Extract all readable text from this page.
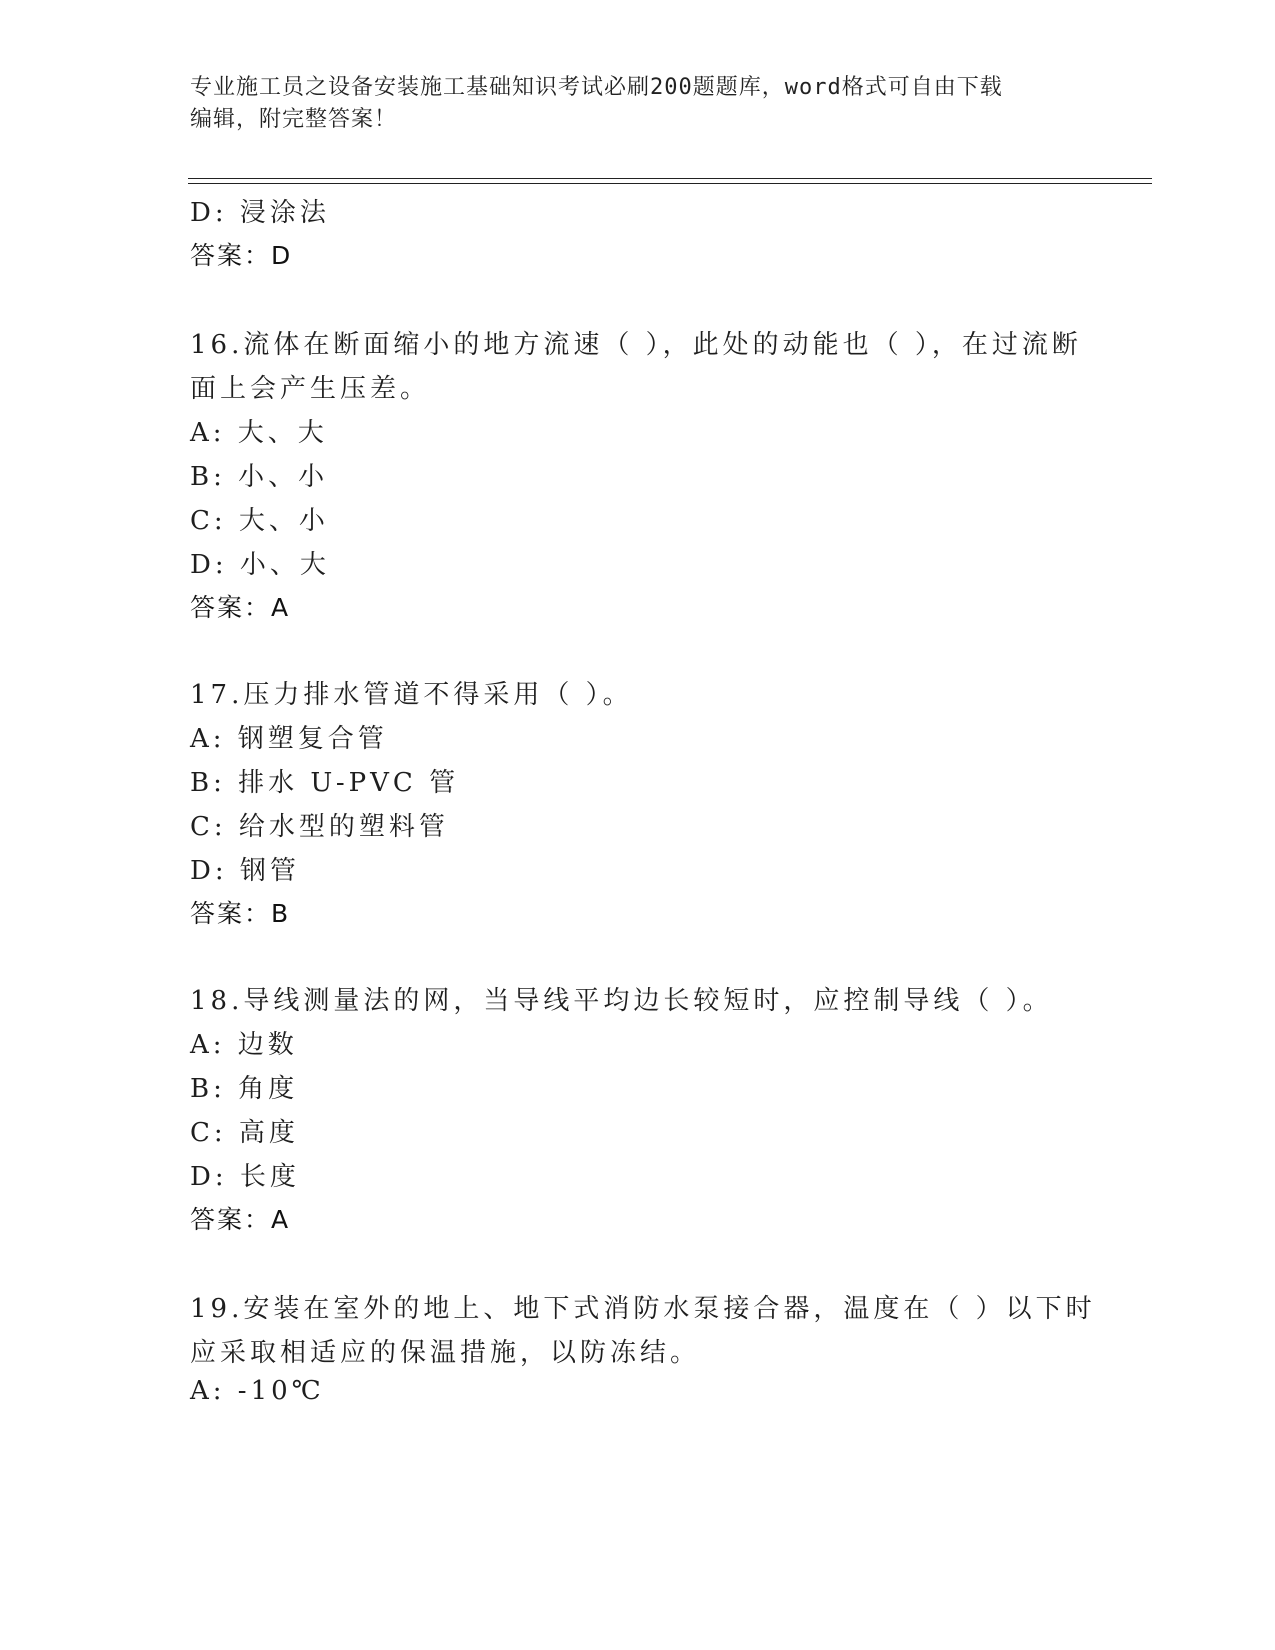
专业施工员之设备安装施工基础知识考试必刷200题题库，word格式可自由下载
编辑，附完整答案！
D: 浸涂法
答案：D
16.流体在断面缩小的地方流速（ ），此处的动能也（ ），在过流断
面上会产生压差。
A: 大、大
B: 小、小
C: 大、小
D: 小、大
答案：A
17.压力排水管道不得采用（ ）。
A: 钢塑复合管
B: 排水 U-PVC 管
C: 给水型的塑料管
D: 钢管
答案：B
18.导线测量法的网，当导线平均边长较短时，应控制导线（ ）。
A: 边数
B: 角度
C: 高度
D: 长度
答案：A
19.安装在室外的地上、地下式消防水泵接合器，温度在（ ）以下时
应采取相适应的保温措施，以防冻结。
A: -10℃
